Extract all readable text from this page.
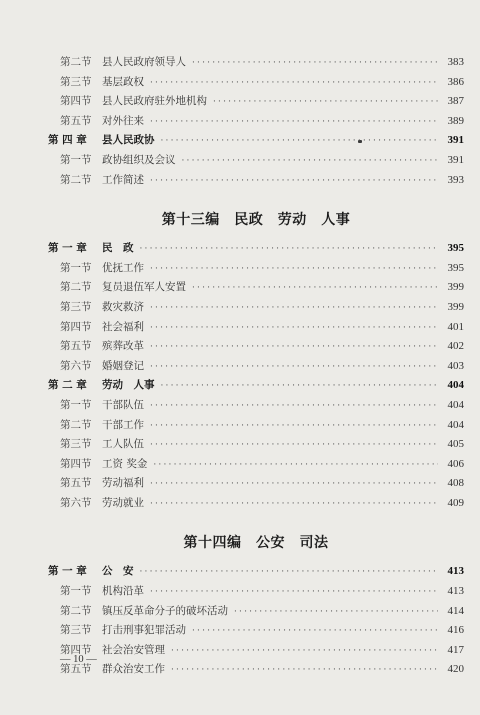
第二节	县人民政府领导人 ·····	383
第三节	基层政权 ·····	386
第四节	县人民政府驻外地机构 ·····	387
第五节	对外往来 ·····	389
第 四 章	县人民政协 ·····	391
第一节	政协组织及会议 ·····	391
第二节	工作简述 ·····	393
第十三编　民政　劳动　人事
第 一 章	民　政 ·····	395
第一节	优抚工作 ·····	395
第二节	复员退伍军人安置 ·····	399
第三节	救灾救济 ·····	399
第四节	社会福利 ·····	401
第五节	殡葬改革 ·····	402
第六节	婚姻登记 ·····	403
第 二 章	劳动　人事 ·····	404
第一节	干部队伍 ·····	404
第二节	干部工作 ·····	404
第三节	工人队伍 ·····	405
第四节	工资 奖金 ·····	406
第五节	劳动福利 ·····	408
第六节	劳动就业 ·····	409
第十四编　公安　司法
第 一 章	公　安 ·····	413
第一节	机构沿革 ·····	413
第二节	镇压反革命分子的破坏活动 ·····	414
第三节	打击刑事犯罪活动 ·····	416
第四节	社会治安管理 ·····	417
第五节	群众治安工作 ·····	420
— 10 —
